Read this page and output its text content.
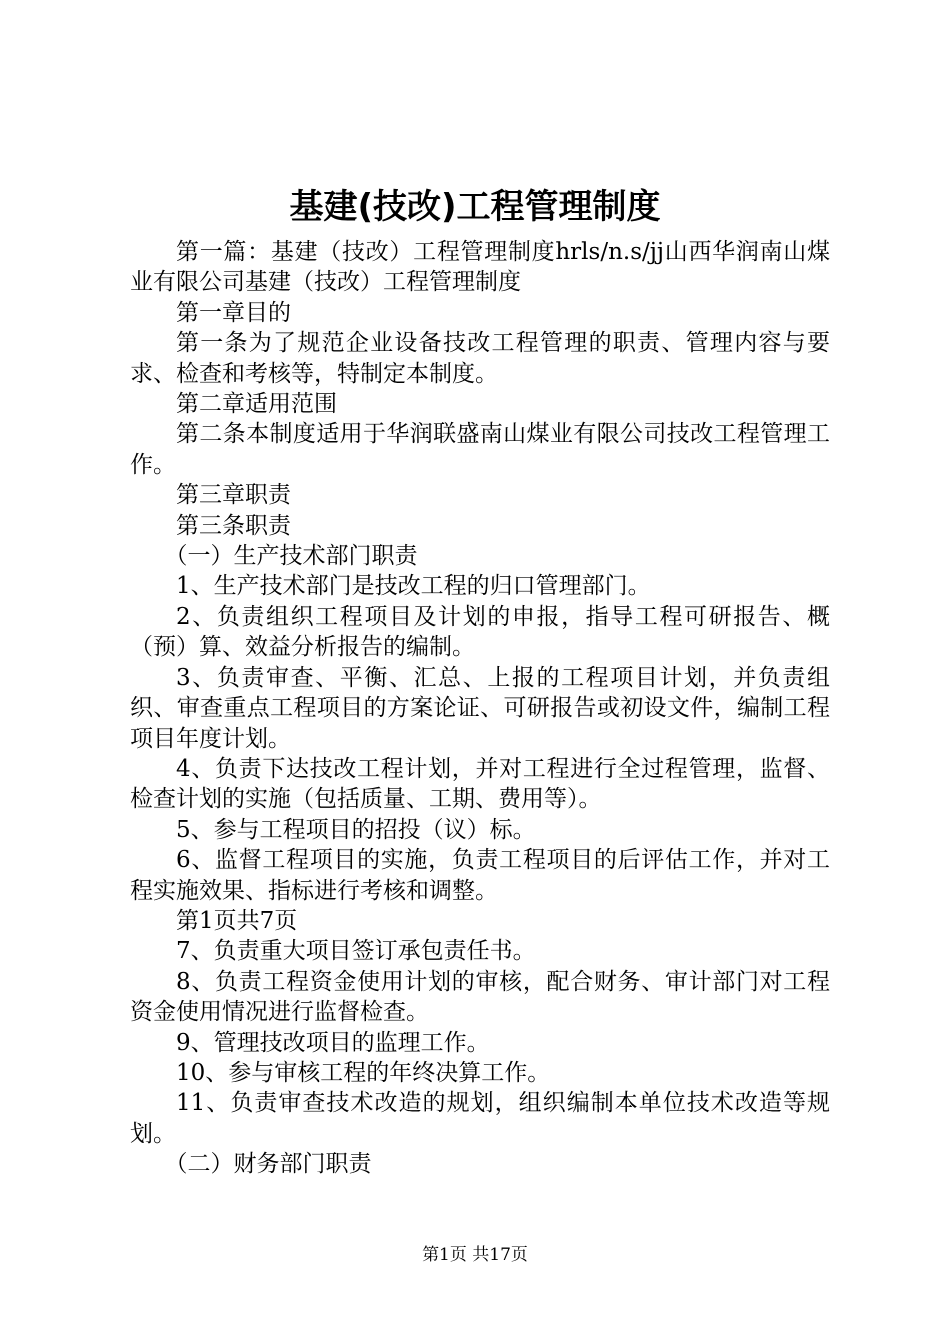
基建(技改)工程管理制度

第一篇：基建（技改）工程管理制度hrls/n.s/jj山西华润南山煤业有限公司基建（技改）工程管理制度

第一章目的

第一条为了规范企业设备技改工程管理的职责、管理内容与要求、检查和考核等，特制定本制度。

第二章适用范围

第二条本制度适用于华润联盛南山煤业有限公司技改工程管理工作。

第三章职责

第三条职责

（一）生产技术部门职责

1、生产技术部门是技改工程的归口管理部门。

2、负责组织工程项目及计划的申报，指导工程可研报告、概（预）算、效益分析报告的编制。

3、负责审查、平衡、汇总、上报的工程项目计划，并负责组织、审查重点工程项目的方案论证、可研报告或初设文件，编制工程项目年度计划。

4、负责下达技改工程计划，并对工程进行全过程管理，监督、检查计划的实施（包括质量、工期、费用等）。

5、参与工程项目的招投（议）标。

6、监督工程项目的实施，负责工程项目的后评估工作，并对工程实施效果、指标进行考核和调整。

第1页共7页

7、负责重大项目签订承包责任书。

8、负责工程资金使用计划的审核，配合财务、审计部门对工程资金使用情况进行监督检查。

9、管理技改项目的监理工作。

10、参与审核工程的年终决算工作。

11、负责审查技术改造的规划，组织编制本单位技术改造等规划。

（二）财务部门职责

第1页 共17页
